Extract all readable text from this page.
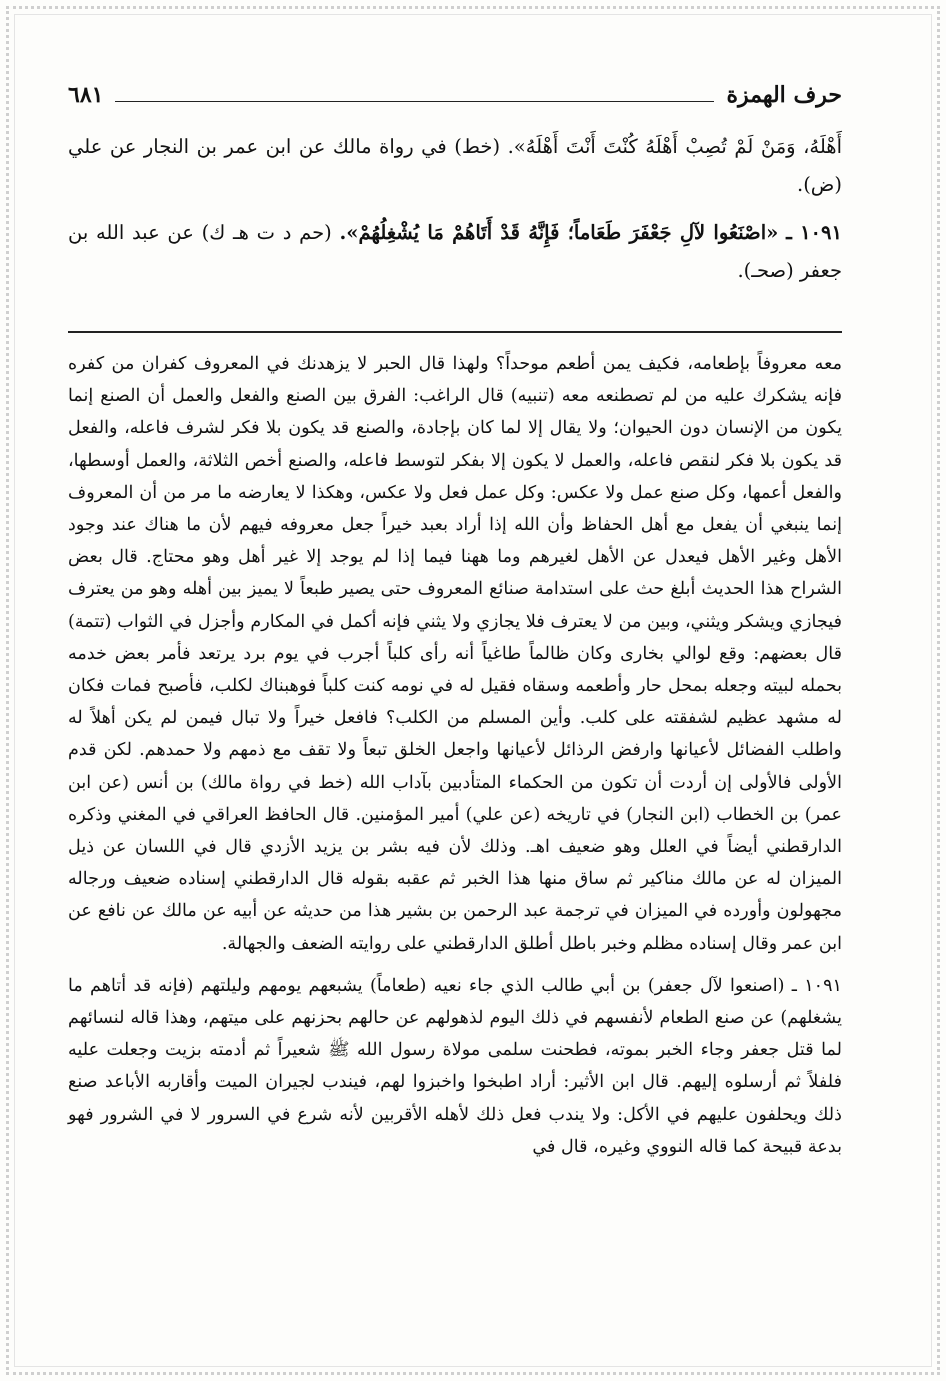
حرف الهمزة
٦٨١

أَهْلَهُ، وَمَنْ لَمْ تُصِبْ أَهْلَهُ كُنْتَ أَنْتَ أَهْلَهُ». (خط) في رواة مالك عن ابن عمر بن النجار عن علي (ض).

١٠٩١ ـ «اصْنَعُوا لآلِ جَعْفَرَ طَعَاماً؛ فَإِنَّهُ قَدْ أَتَاهُمْ مَا يُشْغِلُهُمْ». (حم د ت هـ ك) عن عبد الله بن جعفر (صحـ).

معه معروفاً بإطعامه، فكيف يمن أطعم موحداً؟ ولهذا قال الحبر لا يزهدنك في المعروف كفران من كفره فإنه يشكرك عليه من لم تصطنعه معه (تنبيه) قال الراغب: الفرق بين الصنع والفعل والعمل أن الصنع إنما يكون من الإنسان دون الحيوان؛ ولا يقال إلا لما كان بإجادة، والصنع قد يكون بلا فكر لشرف فاعله، والفعل قد يكون بلا فكر لنقص فاعله، والعمل لا يكون إلا بفكر لتوسط فاعله، والصنع أخص الثلاثة، والعمل أوسطها، والفعل أعمها، وكل صنع عمل ولا عكس: وكل عمل فعل ولا عكس، وهكذا لا يعارضه ما مر من أن المعروف إنما ينبغي أن يفعل مع أهل الحفاظ وأن الله إذا أراد بعبد خيراً جعل معروفه فيهم لأن ما هناك عند وجود الأهل وغير الأهل فيعدل عن الأهل لغيرهم وما ههنا فيما إذا لم يوجد إلا غير أهل وهو محتاج. قال بعض الشراح هذا الحديث أبلغ حث على استدامة صنائع المعروف حتى يصير طبعاً لا يميز بين أهله وهو من يعترف فيجازي ويشكر ويثني، وبين من لا يعترف فلا يجازي ولا يثني فإنه أكمل في المكارم وأجزل في الثواب (تتمة) قال بعضهم: وقع لوالي بخارى وكان ظالماً طاغياً أنه رأى كلباً أجرب في يوم برد يرتعد فأمر بعض خدمه بحمله لبيته وجعله بمحل حار وأطعمه وسقاه فقيل له في نومه كنت كلباً فوهبناك لكلب، فأصبح فمات فكان له مشهد عظيم لشفقته على كلب. وأين المسلم من الكلب؟ فافعل خيراً ولا تبال فيمن لم يكن أهلاً له واطلب الفضائل لأعيانها وارفض الرذائل لأعيانها واجعل الخلق تبعاً ولا تقف مع ذمهم ولا حمدهم. لكن قدم الأولى فالأولى إن أردت أن تكون من الحكماء المتأدبين بآداب الله (خط في رواة مالك) بن أنس (عن ابن عمر) بن الخطاب (ابن النجار) في تاريخه (عن علي) أمير المؤمنين. قال الحافظ العراقي في المغني وذكره الدارقطني أيضاً في العلل وهو ضعيف اهـ. وذلك لأن فيه بشر بن يزيد الأزدي قال في اللسان عن ذيل الميزان له عن مالك مناكير ثم ساق منها هذا الخبر ثم عقبه بقوله قال الدارقطني إسناده ضعيف ورجاله مجهولون وأورده في الميزان في ترجمة عبد الرحمن بن بشير هذا من حديثه عن أبيه عن مالك عن نافع عن ابن عمر وقال إسناده مظلم وخبر باطل أطلق الدارقطني على روايته الضعف والجهالة.

١٠٩١ ـ (اصنعوا لآل جعفر) بن أبي طالب الذي جاء نعيه (طعاماً) يشبعهم يومهم وليلتهم (فإنه قد أتاهم ما يشغلهم) عن صنع الطعام لأنفسهم في ذلك اليوم لذهولهم عن حالهم بحزنهم على ميتهم، وهذا قاله لنسائهم لما قتل جعفر وجاء الخبر بموته، فطحنت سلمى مولاة رسول الله ﷺ شعيراً ثم أدمته بزيت وجعلت عليه فلفلاً ثم أرسلوه إليهم. قال ابن الأثير: أراد اطبخوا واخبزوا لهم، فيندب لجيران الميت وأقاربه الأباعد صنع ذلك ويحلفون عليهم في الأكل: ولا يندب فعل ذلك لأهله الأقربين لأنه شرع في السرور لا في الشرور فهو بدعة قبيحة كما قاله النووي وغيره، قال في
